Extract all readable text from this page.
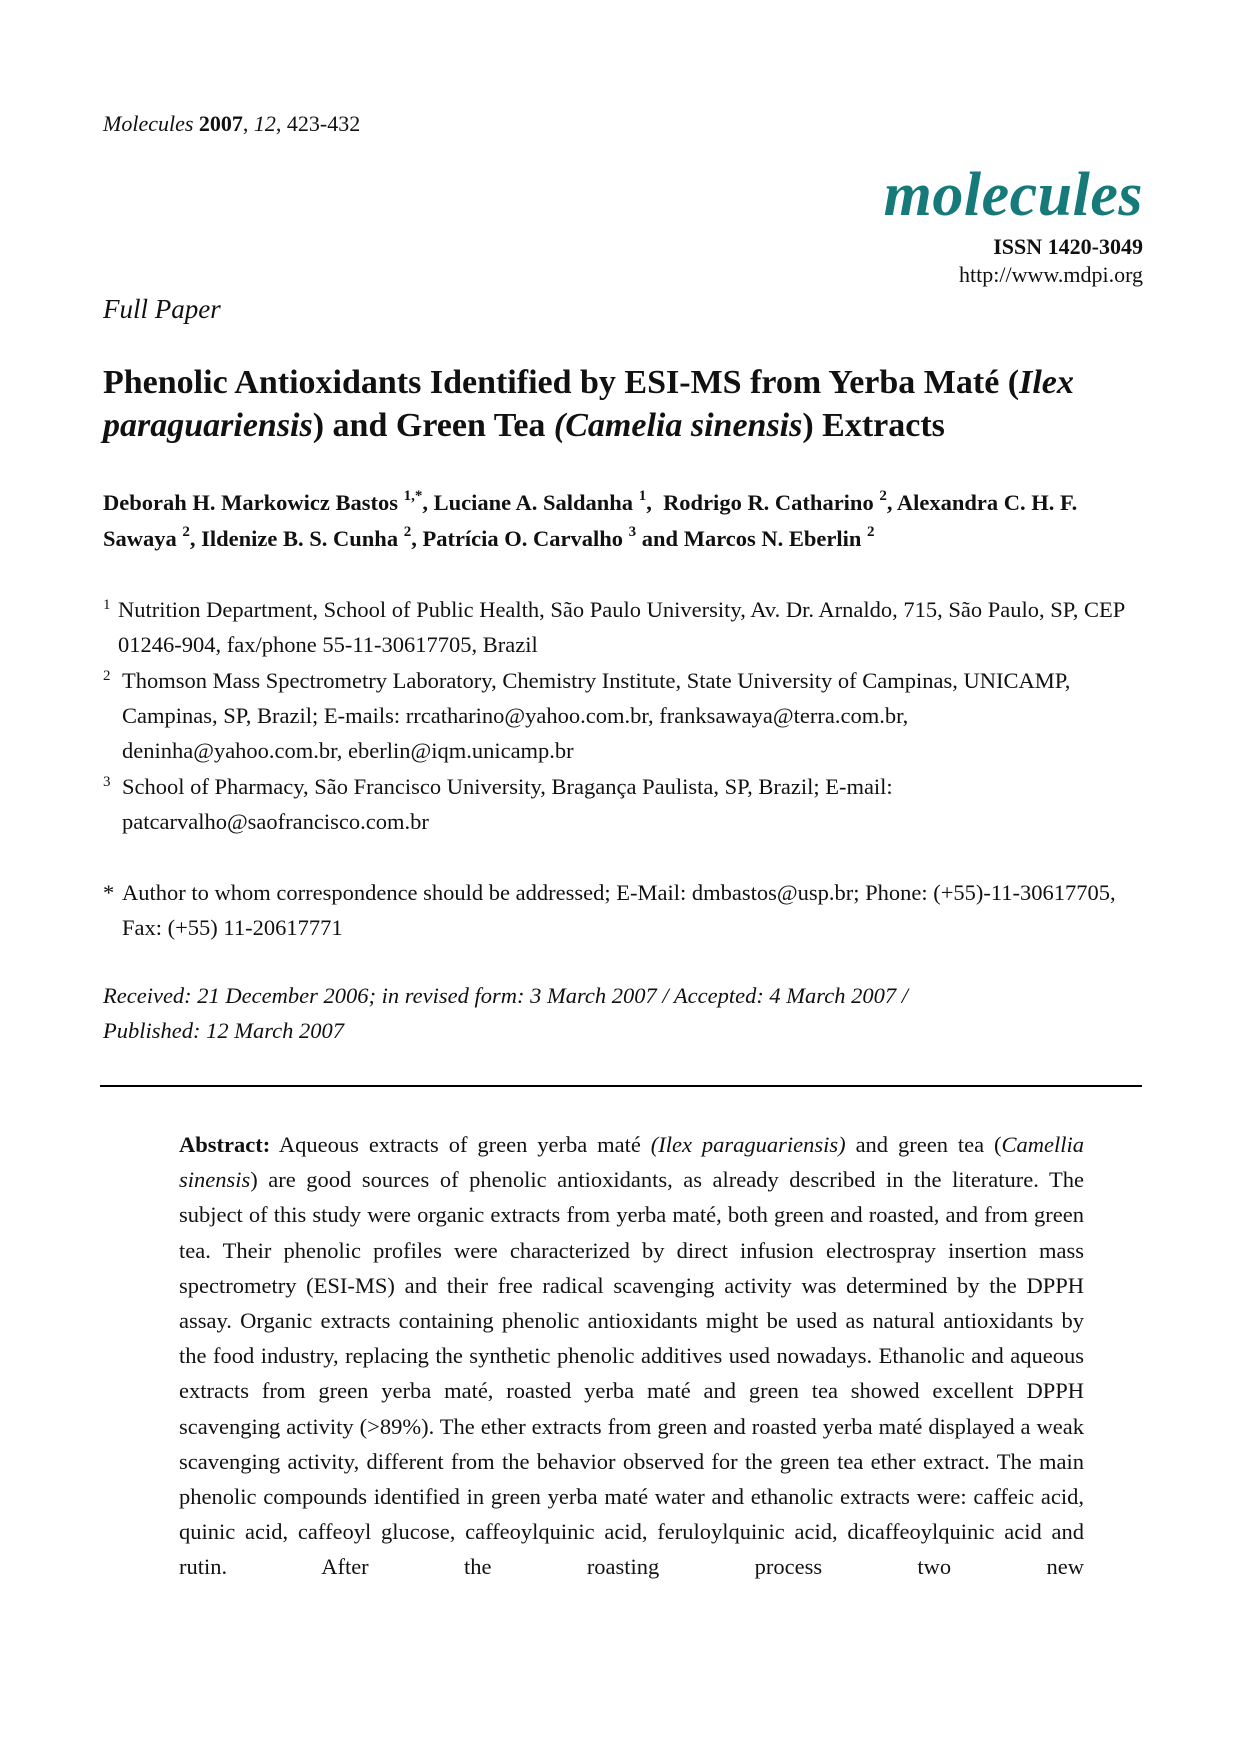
Molecules 2007, 12, 423-432
molecules
ISSN 1420-3049
http://www.mdpi.org
Full Paper
Phenolic Antioxidants Identified by ESI-MS from Yerba Maté (Ilex paraguariensis) and Green Tea (Camelia sinensis) Extracts
Deborah H. Markowicz Bastos $^{1,*}$, Luciane A. Saldanha $^1$,  Rodrigo R. Catharino $^2$, Alexandra C. H. F. Sawaya $^2$, Ildenize B. S. Cunha $^2$, Patrícia O. Carvalho $^3$ and Marcos N. Eberlin $^2$
1 Nutrition Department, School of Public Health, São Paulo University, Av. Dr. Arnaldo, 715, São Paulo, SP, CEP 01246-904, fax/phone 55-11-30617705, Brazil
2 Thomson Mass Spectrometry Laboratory, Chemistry Institute, State University of Campinas, UNICAMP, Campinas, SP, Brazil; E-mails: rrcatharino@yahoo.com.br, franksawaya@terra.com.br, deninha@yahoo.com.br, eberlin@iqm.unicamp.br
3 School of Pharmacy, São Francisco University, Bragança Paulista, SP, Brazil; E-mail: patcarvalho@saofrancisco.com.br
* Author to whom correspondence should be addressed; E-Mail: dmbastos@usp.br; Phone: (+55)-11-30617705, Fax: (+55) 11-20617771
Received: 21 December 2006; in revised form: 3 March 2007 / Accepted: 4 March 2007 /
Published: 12 March 2007
Abstract: Aqueous extracts of green yerba maté (Ilex paraguariensis) and green tea (Camellia sinensis) are good sources of phenolic antioxidants, as already described in the literature. The subject of this study were organic extracts from yerba maté, both green and roasted, and from green tea. Their phenolic profiles were characterized by direct infusion electrospray insertion mass spectrometry (ESI-MS) and their free radical scavenging activity was determined by the DPPH assay. Organic extracts containing phenolic antioxidants might be used as natural antioxidants by the food industry, replacing the synthetic phenolic additives used nowadays. Ethanolic and aqueous extracts from green yerba maté, roasted yerba maté and green tea showed excellent DPPH scavenging activity (>89%). The ether extracts from green and roasted yerba maté displayed a weak scavenging activity, different from the behavior observed for the green tea ether extract. The main phenolic compounds identified in green yerba maté water and ethanolic extracts were: caffeic acid, quinic acid, caffeoyl glucose, caffeoylquinic acid, feruloylquinic acid, dicaffeoylquinic acid and rutin. After the roasting process two new
